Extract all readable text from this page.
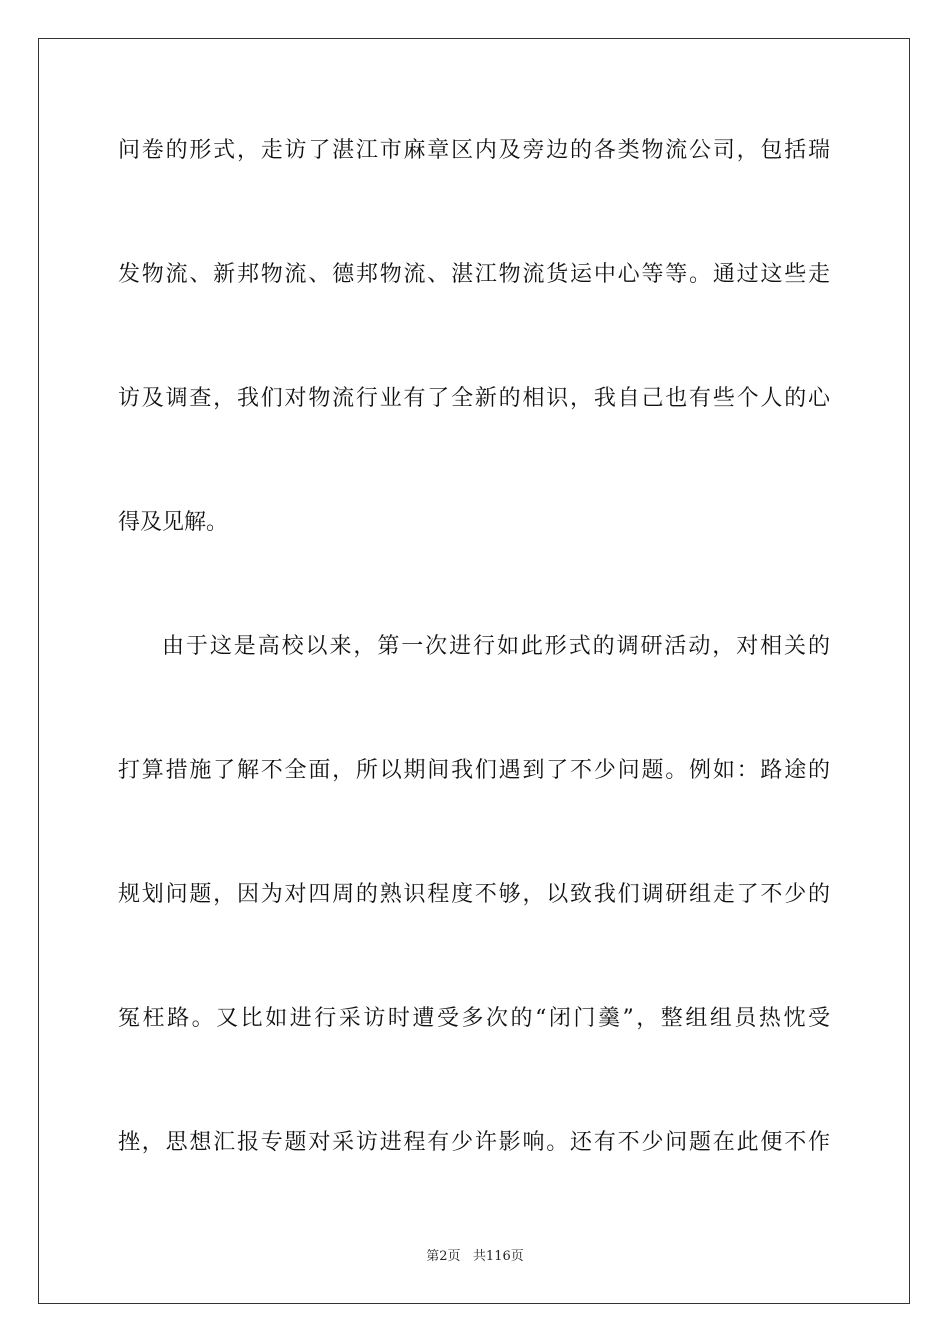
问卷的形式，走访了湛江市麻章区内及旁边的各类物流公司，包括瑞
发物流、新邦物流、德邦物流、湛江物流货运中心等等。通过这些走
访及调查，我们对物流行业有了全新的相识，我自己也有些个人的心
得及见解。
由于这是高校以来，第一次进行如此形式的调研活动，对相关的
打算措施了解不全面，所以期间我们遇到了不少问题。例如：路途的
规划问题，因为对四周的熟识程度不够，以致我们调研组走了不少的
冤枉路。又比如进行采访时遭受多次的“闭门羹”，整组组员热忱受
挫，思想汇报专题对采访进程有少许影响。还有不少问题在此便不作
第2页 共116页
